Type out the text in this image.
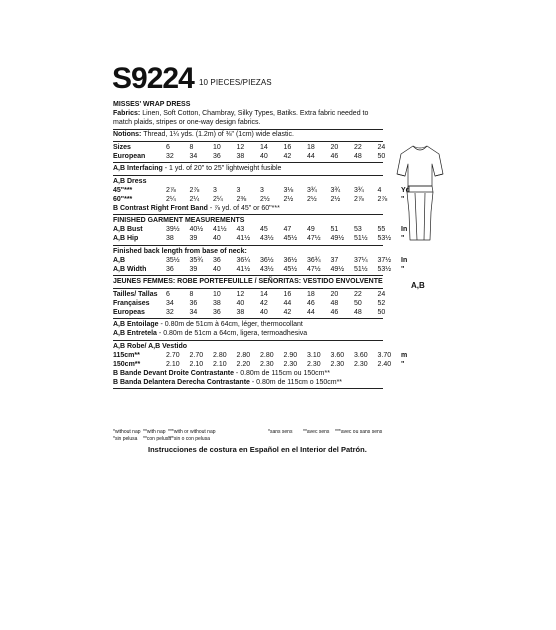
S9224 10 PIECES/PIEZAS
MISSES' WRAP DRESS
Fabrics: Linen, Soft Cotton, Chambray, Silky Types, Batiks. Extra fabric needed to match plaids, stripes or one-way design fabrics.
Notions: Thread, 1¼ yds. (1.2m) of ⅜" (1cm) wide elastic.
Sizes	6	8	10	12	14	16	18	20	22	24	
European	32	34	36	38	40	42	44	46	48	50	
A,B Interfacing - 1 yd. of 20" to 25" lightweight fusible
A,B Dress
45"***	2⅞	2⅞	3	3	3	3⅛	3¾	3¾	3¾	4	Yd
60"***	2¼	2¼	2¼	2⅜	2½	2½	2½	2½	2⅞	2⅞	"
B Contrast Right Front Band - ⅞ yd. of 45" or 60"***
FINISHED GARMENT MEASUREMENTS
A,B Bust	39½	40½	41½	43	45	47	49	51	53	55	In
A,B Hip	38	39	40	41½	43½	45½	47½	49½	51½	53½	"
Finished back length from base of neck:
A,B	35½	35¾	36	36¼	36½	36½	36¾	37	37¼	37½	In
A,B Width	36	39	40	41½	43½	45½	47½	49½	51½	53½	"
JEUNES FEMMES: ROBE PORTEFEUILLE / SEÑORITAS: VESTIDO ENVOLVENTE
Tailles/ Tallas	6	8	10	12	14	16	18	20	22	24	
Françaises	34	36	38	40	42	44	46	48	50	52	
Europeas	32	34	36	38	40	42	44	46	48	50	
A,B Entoilage - 0.80m de 51cm à 64cm, léger, thermocollant
A,B Entretela - 0.80m de 51cm a 64cm, ligera, termoadhesiva
A,B Robe/ A,B Vestido
115cm**	2.70	2.70	2.80	2.80	2.80	2.90	3.10	3.60	3.60	3.70	m
150cm**	2.10	2.10	2.10	2.20	2.30	2.30	2.30	2.30	2.30	2.40	"
B Bande Devant Droite Contrastante - 0.80m de 115cm ou 150cm**
B Banda Delantera Derecha Contrastante - 0.80m de 115cm o 150cm**
A,B
*without nap **with nap ***with or without nap
*sin pelusa **con pelusa
***sin o con pelusa
*sans sens **avec sens ***avec ou sans sens
Instrucciones de costura en Español en el Interior del Patrón.
